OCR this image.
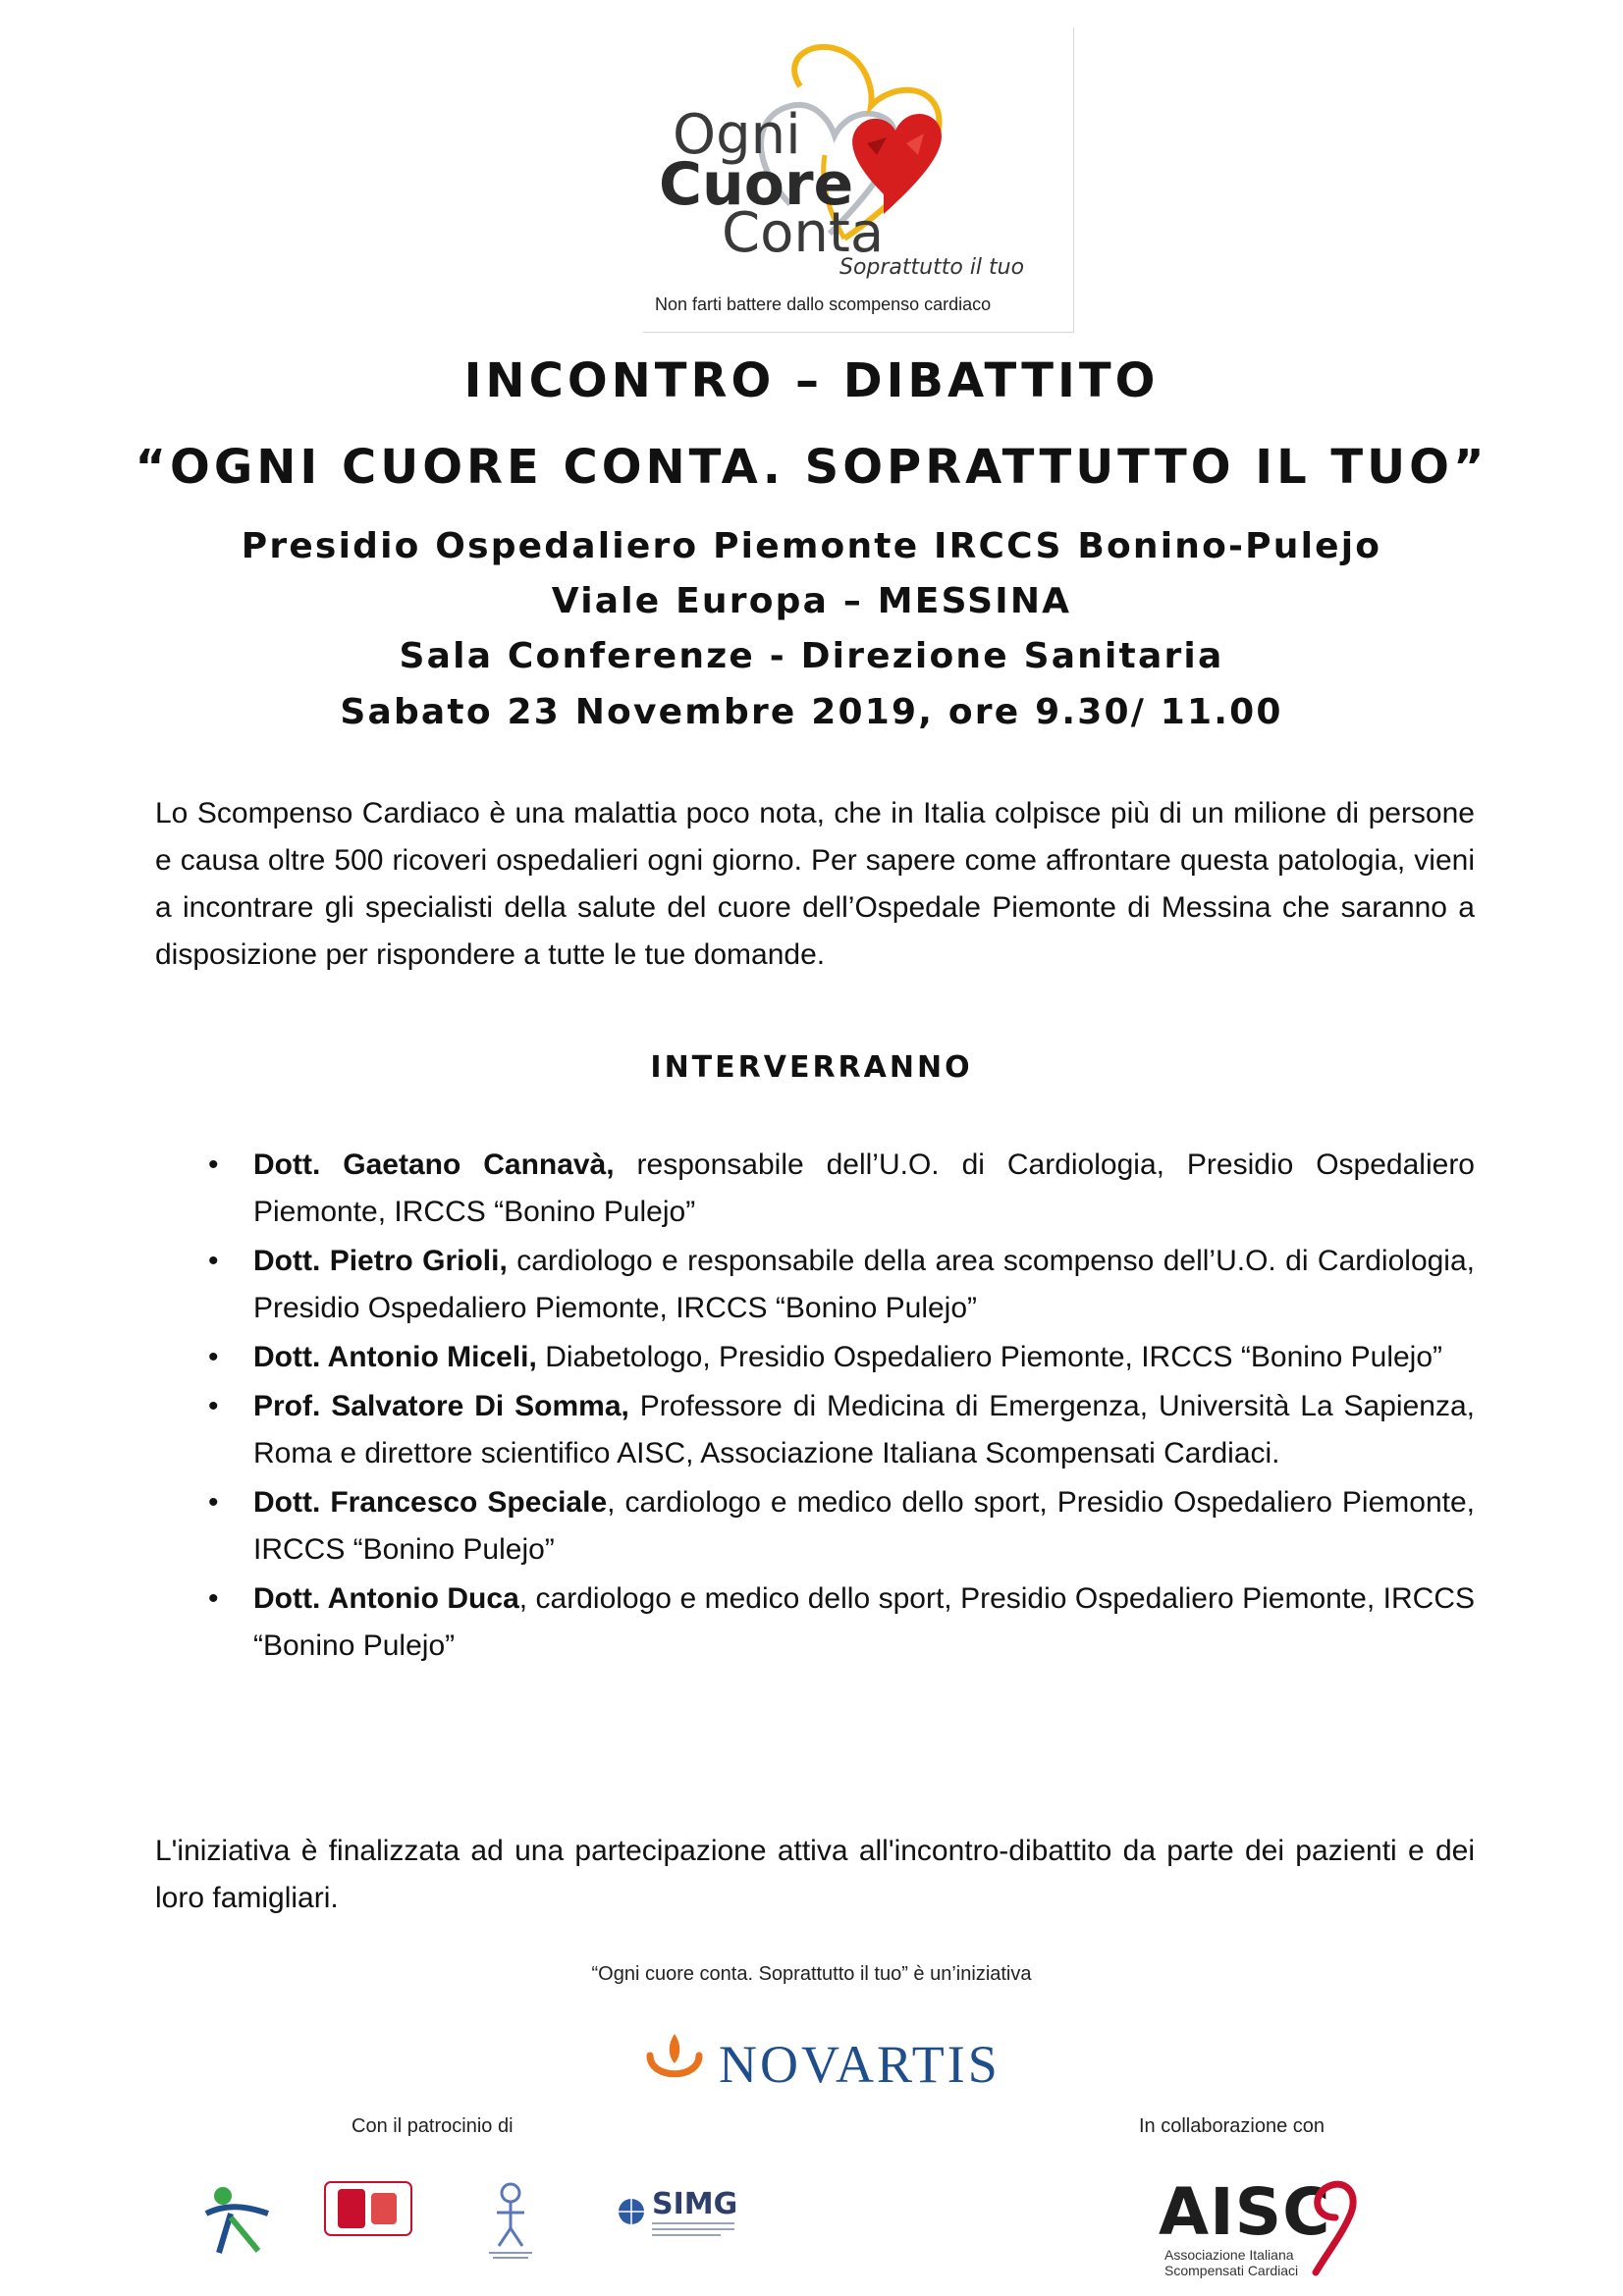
Ogni
Cuore
Conta
Soprattutto il tuo
Non farti battere dallo scompenso cardiaco
INCONTRO – DIBATTITO
“OGNI CUORE CONTA. SOPRATTUTTO IL TUO”
Presidio Ospedaliero Piemonte IRCCS Bonino-Pulejo
Viale Europa – MESSINA
Sala Conferenze - Direzione Sanitaria
Sabato 23 Novembre 2019, ore 9.30/ 11.00
Lo Scompenso Cardiaco è una malattia poco nota, che in Italia colpisce più di un milione di persone e causa oltre 500 ricoveri ospedalieri ogni giorno. Per sapere come affrontare questa patologia, vieni a incontrare gli specialisti della salute del cuore dell’Ospedale Piemonte di Messina che saranno a disposizione per rispondere a tutte le tue domande.
INTERVERRANNO
• Dott. Gaetano Cannavà, responsabile dell’U.O. di Cardiologia, Presidio Ospedaliero Piemonte, IRCCS “Bonino Pulejo”
• Dott. Pietro Grioli, cardiologo e responsabile della area scompenso dell’U.O. di Cardiologia, Presidio Ospedaliero Piemonte, IRCCS “Bonino Pulejo”
• Dott. Antonio Miceli, Diabetologo, Presidio Ospedaliero Piemonte, IRCCS “Bonino Pulejo”
• Prof. Salvatore Di Somma, Professore di Medicina di Emergenza, Università La Sapienza, Roma e direttore scientifico AISC, Associazione Italiana Scompensati Cardiaci.
• Dott. Francesco Speciale, cardiologo e medico dello sport, Presidio Ospedaliero Piemonte, IRCCS “Bonino Pulejo”
• Dott. Antonio Duca, cardiologo e medico dello sport, Presidio Ospedaliero Piemonte, IRCCS “Bonino Pulejo”
L'iniziativa è finalizzata ad una partecipazione attiva all'incontro-dibattito da parte dei pazienti e dei loro famigliari.
“Ogni cuore conta. Soprattutto il tuo” è un’iniziativa
NOVARTIS
Con il patrocinio di	In collaborazione con
SIMG	AISC
Associazione Italiana
Scompensati Cardiaci
